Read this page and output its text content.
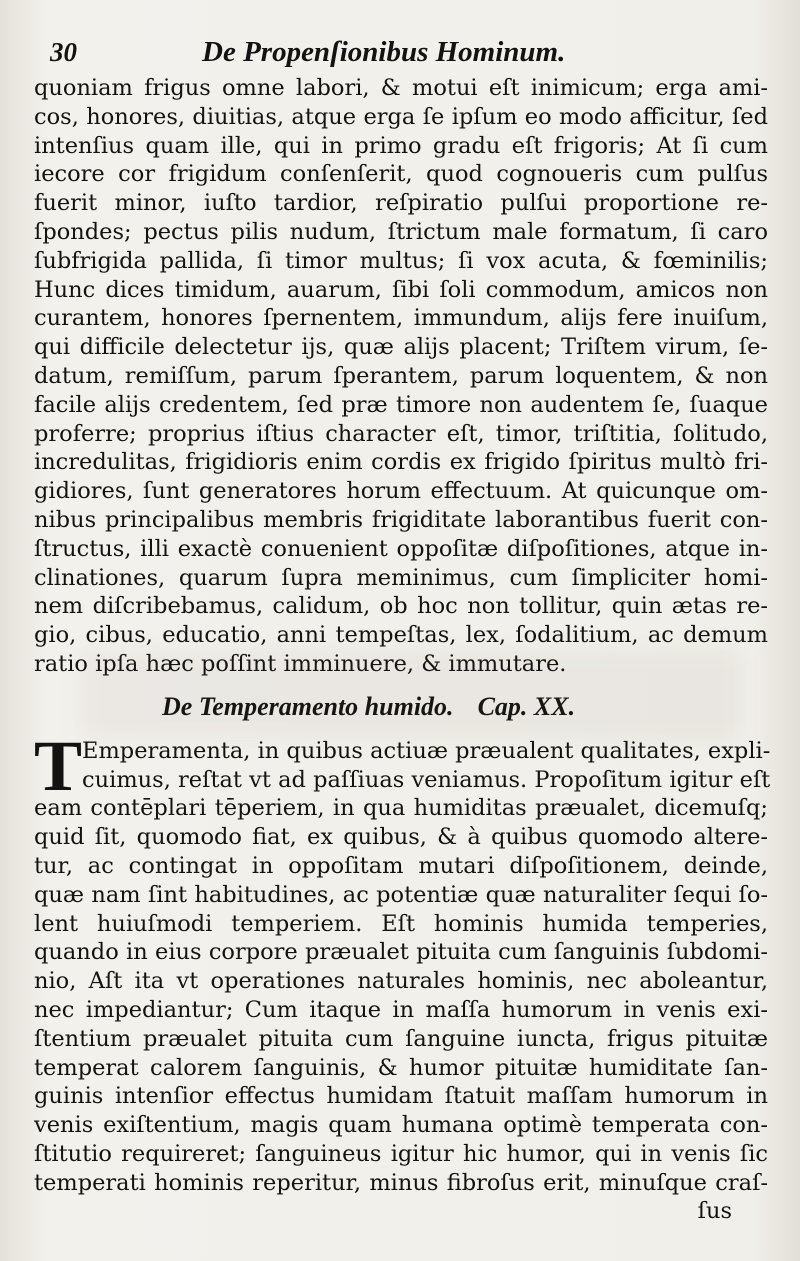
30	De Propenſionibus Hominum.
quoniam frigus omne labori, & motui eſt inimicum; erga ami-
cos, honores, diuitias, atque erga ſe ipſum eo modo afficitur, ſed
intenſius quam ille, qui in primo gradu eſt frigoris; At ſi cum
iecore cor frigidum conſenſerit, quod cognoueris cum pulſus
fuerit minor, iuſto tardior, reſpiratio pulſui proportione re-
ſpondes; pectus pilis nudum, ſtrictum male formatum, ſi caro
ſubfrigida pallida, ſi timor multus; ſi vox acuta, & fœminilis;
Hunc dices timidum, auarum, ſibi ſoli commodum, amicos non
curantem, honores ſpernentem, immundum, alijs fere inuiſum,
qui difficile delectetur ijs, quæ alijs placent; Triſtem virum, ſe-
datum, remiſſum, parum ſperantem, parum loquentem, & non
facile alijs credentem, ſed præ timore non audentem ſe, ſuaque
proferre; proprius iſtius character eſt, timor, triſtitia, ſolitudo,
incredulitas, frigidioris enim cordis ex frigido ſpiritus multò fri-
gidiores, ſunt generatores horum effectuum. At quicunque om-
nibus principalibus membris frigiditate laborantibus fuerit con-
ſtructus, illi exactè conuenient oppoſitæ diſpoſitiones, atque in-
clinationes, quarum ſupra meminimus, cum ſimpliciter homi-
nem diſcribebamus, calidum, ob hoc non tollitur, quin ætas re-
gio, cibus, educatio, anni tempeſtas, lex, ſodalitium, ac demum
ratio ipſa hæc poſſint imminuere, & immutare.
De Temperamento humido. Cap. XX.
T Emperamenta, in quibus actiuæ præualent qualitates, expli-
cuimus, reſtat vt ad paſſiuas veniamus. Propoſitum igitur eſt
eam contēplari tēperiem, in qua humiditas præualet, dicemuſq;
quid ſit, quomodo fiat, ex quibus, & à quibus quomodo altere-
tur, ac contingat in oppoſitam mutari diſpoſitionem, deinde,
quæ nam ſint habitudines, ac potentiæ quæ naturaliter ſequi ſo-
lent huiuſmodi temperiem. Eſt hominis humida temperies,
quando in eius corpore præualet pituita cum ſanguinis ſubdomi-
nio, Aſt ita vt operationes naturales hominis, nec aboleantur,
nec impediantur; Cum itaque in maſſa humorum in venis exi-
ſtentium præualet pituita cum ſanguine iuncta, frigus pituitæ
temperat calorem ſanguinis, & humor pituitæ humiditate ſan-
guinis intenſior effectus humidam ſtatuit maſſam humorum in
venis exiſtentium, magis quam humana optimè temperata con-
ſtitutio requireret; ſanguineus igitur hic humor, qui in venis ſic
temperati hominis reperitur, minus fibroſus erit, minuſque craſ-
ſus
